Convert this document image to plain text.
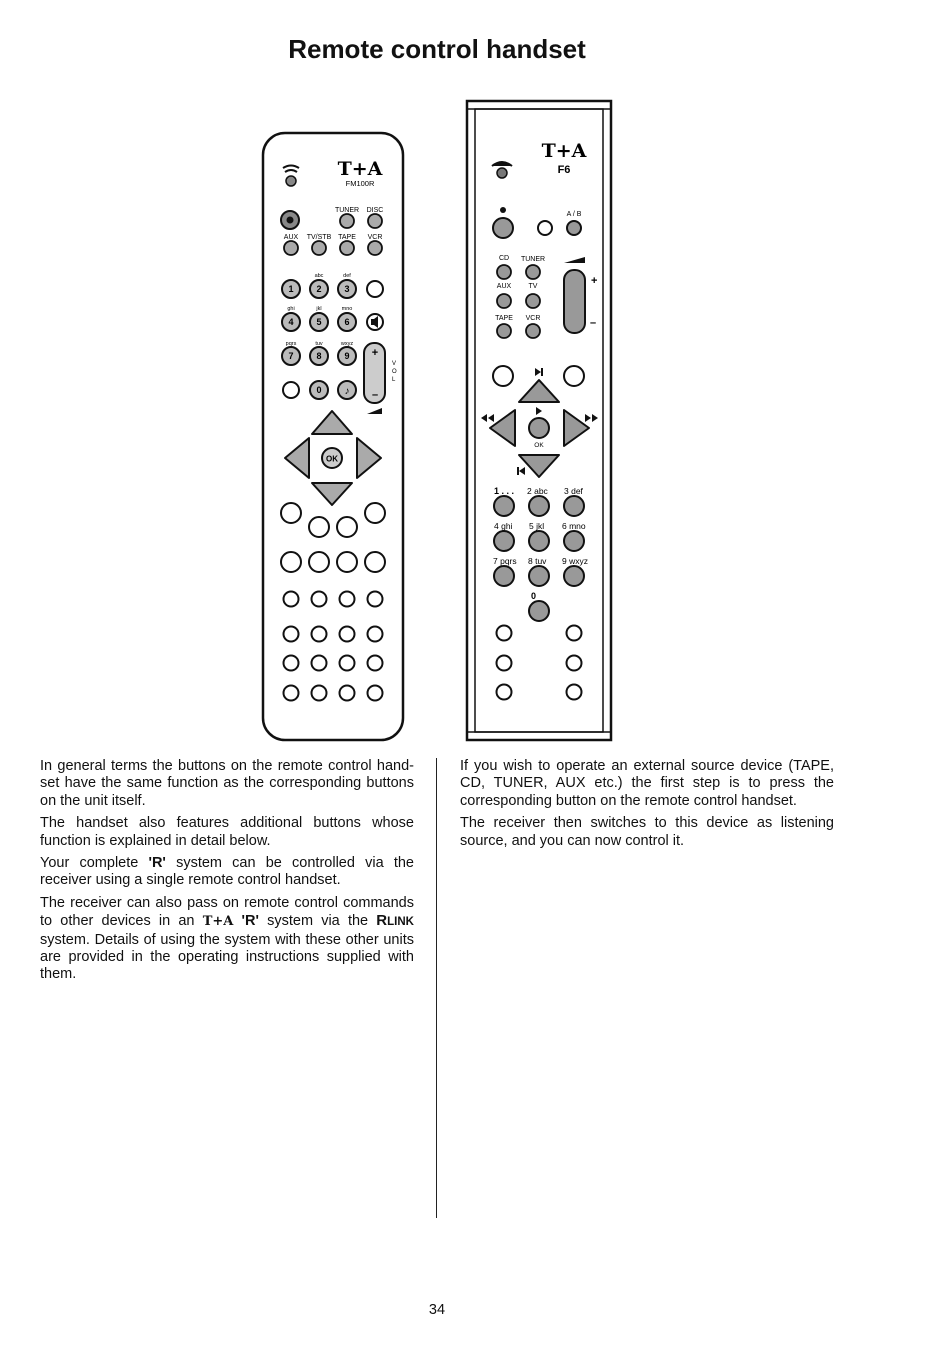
Remote control handset
T+A
FM100R
TUNER DISC
AUX TV/STB TAPE VCR
abc	def
ghi	jkl	mno
pqrs	tuv	wxyz
1	2	3
4	5	6
7	8	9
0 ♪
+
–
V
O
L
OK
T+A
F6
A / B
CD TUNER
AUX TV
TAPE VCR
+
–
OK
1 . . . 2 abc 3 def
4 ghi 5 jkl 6 mno
7 pqrs 8 tuv 9 wxyz
0

In general terms the buttons on the remote control hand-set have the same function as the corresponding buttons on the unit itself.

The handset also features additional buttons whose function is explained in detail below.

Your complete 'R' system can be controlled via the receiver using a single remote control handset.

The receiver can also pass on remote control commands to other devices in an T+A 'R' system via the RLINK system. Details of using the system with these other units are provided in the operating instructions supplied with them.

If you wish to operate an external source device (TAPE, CD, TUNER, AUX etc.) the first step is to press the corresponding button on the remote control handset.

The receiver then switches to this device as listening source, and you can now control it.

34
